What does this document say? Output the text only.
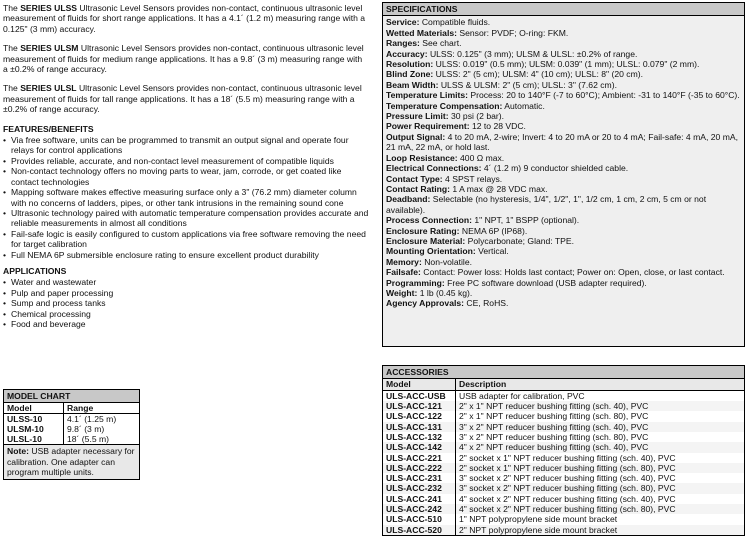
The SERIES ULSS Ultrasonic Level Sensors provides non-contact, continuous ultrasonic level measurement of fluids for short range applications. It has a 4.1´ (1.2 m) measuring range with a 0.125" (3 mm) accuracy.

The SERIES ULSM Ultrasonic Level Sensors provides non-contact, continuous ultrasonic level measurement of fluids for medium range applications. It has a 9.8´ (3 m) measuring range with a ±0.2% of range accuracy.

The SERIES ULSL Ultrasonic Level Sensors provides non-contact, continuous ultrasonic level measurement of fluids for tall range applications. It has a 18´ (5.5 m) measuring range with a ±0.2% of range accuracy.

FEATURES/BENEFITS
• Via free software, units can be programmed to transmit an output signal and operate four relays for control applications
• Provides reliable, accurate, and non-contact level measurement of compatible liquids
• Non-contact technology offers no moving parts to wear, jam, corrode, or get coated like contact technologies
• Mapping software makes effective measuring surface only a 3" (76.2 mm) diameter column with no concerns of ladders, pipes, or other tank intrusions in the remaining sound cone
• Ultrasonic technology paired with automatic temperature compensation provides accurate and reliable measurements in almost all conditions
• Fail-safe logic is easily configured to custom applications via free software removing the need for target calibration
• Full NEMA 6P submersible enclosure rating to ensure excellent product durability
APPLICATIONS
• Water and wastewater
• Pulp and paper processing
• Sump and process tanks
• Chemical processing
• Food and beverage
MODEL CHART
Model	Range
ULSS-10	4.1´ (1.25 m)
ULSM-10	9.8´ (3 m)
ULSL-10	18´ (5.5 m)
Note: USB adapter necessary for calibration. One adapter can program multiple units.
SPECIFICATIONS
Service: Compatible fluids.
Wetted Materials: Sensor: PVDF; O-ring: FKM.
Ranges: See chart.
Accuracy: ULSS: 0.125" (3 mm); ULSM & ULSL: ±0.2% of range.
Resolution: ULSS: 0.019" (0.5 mm); ULSM: 0.039" (1 mm); ULSL: 0.079" (2 mm).
Blind Zone: ULSS: 2" (5 cm); ULSM: 4" (10 cm); ULSL: 8" (20 cm).
Beam Width: ULSS & ULSM: 2" (5 cm); ULSL: 3" (7.62 cm).
Temperature Limits: Process: 20 to 140°F (-7 to 60°C); Ambient: -31 to 140°F (-35 to 60°C).
Temperature Compensation: Automatic.
Pressure Limit: 30 psi (2 bar).
Power Requirement: 12 to 28 VDC.
Output Signal: 4 to 20 mA, 2-wire; Invert: 4 to 20 mA or 20 to 4 mA; Fail-safe: 4 mA, 20 mA, 21 mA, 22 mA, or hold last.
Loop Resistance: 400 Ω max.
Electrical Connections: 4´ (1.2 m) 9 conductor shielded cable.
Contact Type: 4 SPST relays.
Contact Rating: 1 A max @ 28 VDC max.
Deadband: Selectable (no hysteresis, 1/4", 1/2", 1", 1/2 cm, 1 cm, 2 cm, 5 cm or not available).
Process Connection: 1" NPT, 1" BSPP (optional).
Enclosure Rating: NEMA 6P (IP68).
Enclosure Material: Polycarbonate; Gland: TPE.
Mounting Orientation: Vertical.
Memory: Non-volatile.
Failsafe: Contact: Power loss: Holds last contact; Power on: Open, close, or last contact.
Programming: Free PC software download (USB adapter required).
Weight: 1 lb (0.45 kg).
Agency Approvals: CE, RoHS.
ACCESSORIES
Model	Description
ULS-ACC-USB	USB adapter for calibration, PVC
ULS-ACC-121	2" x 1" NPT reducer bushing fitting (sch. 40), PVC
ULS-ACC-122	2" x 1" NPT reducer bushing fitting (sch. 80), PVC
ULS-ACC-131	3" x 2" NPT reducer bushing fitting (sch. 40), PVC
ULS-ACC-132	3" x 2" NPT reducer bushing fitting (sch. 80), PVC
ULS-ACC-142	4" x 2" NPT reducer bushing fitting (sch. 40), PVC
ULS-ACC-221	2" socket x 1" NPT reducer bushing fitting (sch. 40), PVC
ULS-ACC-222	2" socket x 1" NPT reducer bushing fitting (sch. 80), PVC
ULS-ACC-231	3" socket x 2" NPT reducer bushing fitting (sch. 40), PVC
ULS-ACC-232	3" socket x 2" NPT reducer bushing fitting (sch. 80), PVC
ULS-ACC-241	4" socket x 2" NPT reducer bushing fitting (sch. 40), PVC
ULS-ACC-242	4" socket x 2" NPT reducer bushing fitting (sch. 80), PVC
ULS-ACC-510	1" NPT polypropylene side mount bracket
ULS-ACC-520	2" NPT polypropylene side mount bracket
